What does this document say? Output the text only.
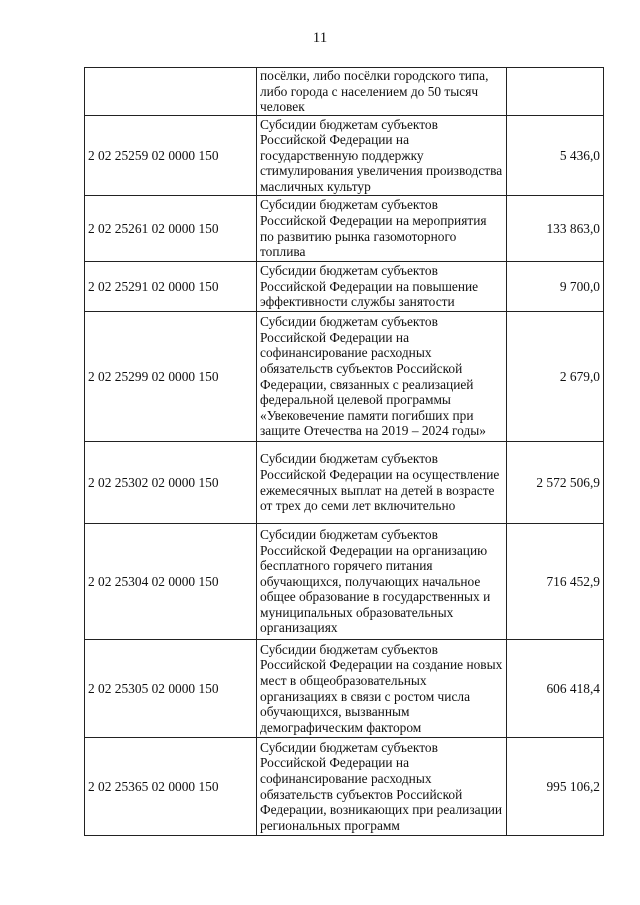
11
	посёлки, либо посёлки городского типа, либо города с населением до 50 тысяч человек	
2 02 25259 02 0000 150	Субсидии бюджетам субъектов Российской Федерации на государственную поддержку стимулирования увеличения производства масличных культур	5 436,0
2 02 25261 02 0000 150	Субсидии бюджетам субъектов Российской Федерации на мероприятия по развитию рынка газомоторного топлива	133 863,0
2 02 25291 02 0000 150	Субсидии бюджетам субъектов Российской Федерации на повышение эффективности службы занятости	9 700,0
2 02 25299 02 0000 150	Субсидии бюджетам субъектов Российской Федерации на софинансирование расходных обязательств субъектов Российской Федерации, связанных с реализацией федеральной целевой программы «Увековечение памяти погибших при защите Отечества на 2019 – 2024 годы»	2 679,0
2 02 25302 02 0000 150	Субсидии бюджетам субъектов Российской Федерации на осуществление ежемесячных выплат на детей в возрасте от трех до семи лет включительно	2 572 506,9
2 02 25304 02 0000 150	Субсидии бюджетам субъектов Российской Федерации на организацию бесплатного горячего питания обучающихся, получающих начальное общее образование в государственных и муниципальных образовательных организациях	716 452,9
2 02 25305 02 0000 150	Субсидии бюджетам субъектов Российской Федерации на создание новых мест в общеобразовательных организациях в связи с ростом числа обучающихся, вызванным демографическим фактором	606 418,4
2 02 25365 02 0000 150	Субсидии бюджетам субъектов Российской Федерации на софинансирование расходных обязательств субъектов Российской Федерации, возникающих при реализации региональных программ	995 106,2
